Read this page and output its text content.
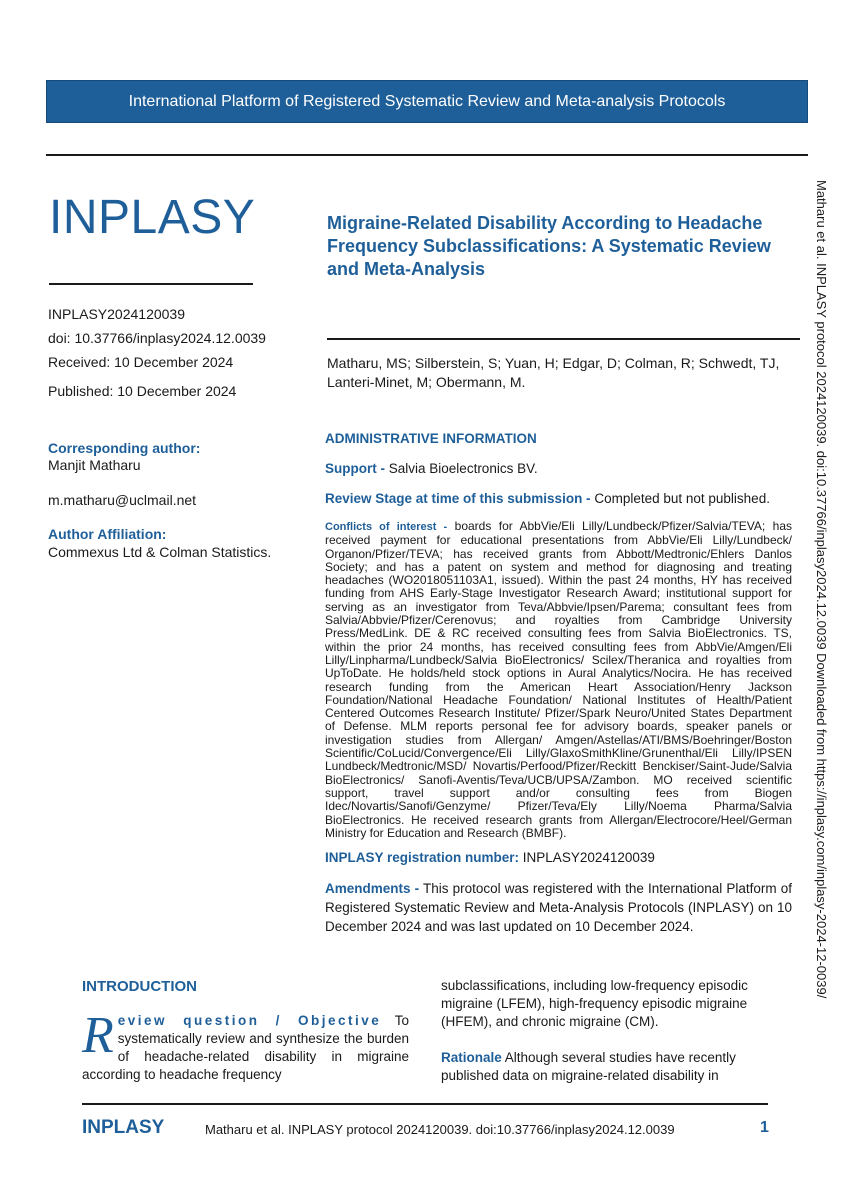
International Platform of Registered Systematic Review and Meta-analysis Protocols
INPLASY
INPLASY2024120039
doi: 10.37766/inplasy2024.12.0039
Received: 10 December 2024
Published: 10 December 2024
Corresponding author:
Manjit Matharu
m.matharu@uclmail.net
Author Affiliation:
Commexus Ltd & Colman Statistics.
Migraine-Related Disability According to Headache Frequency Subclassifications: A Systematic Review and Meta-Analysis
Matharu, MS; Silberstein, S; Yuan, H; Edgar, D; Colman, R; Schwedt, TJ, Lanteri-Minet, M; Obermann, M.

ADMINISTRATIVE INFORMATION

Support - Salvia Bioelectronics BV.

Review Stage at time of this submission - Completed but not published.

Conflicts of interest - boards for AbbVie/Eli Lilly/Lundbeck/Pfizer/Salvia/TEVA; has received payment for educational presentations from AbbVie/Eli Lilly/Lundbeck/ Organon/Pfizer/TEVA; has received grants from Abbott/Medtronic/Ehlers Danlos Society; and has a patent on system and method for diagnosing and treating headaches (WO2018051103A1, issued). Within the past 24 months, HY has received funding from AHS Early-Stage Investigator Research Award; institutional support for serving as an investigator from Teva/Abbvie/Ipsen/Parema; consultant fees from Salvia/Abbvie/Pfizer/Cerenovus; and royalties from Cambridge University Press/MedLink. DE & RC received consulting fees from Salvia BioElectronics. TS, within the prior 24 months, has received consulting fees from AbbVie/Amgen/Eli Lilly/Linpharma/Lundbeck/Salvia BioElectronics/ Scilex/Theranica and royalties from UpToDate. He holds/held stock options in Aural Analytics/Nocira. He has received research funding from the American Heart Association/Henry Jackson Foundation/National Headache Foundation/ National Institutes of Health/Patient Centered Outcomes Research Institute/ Pfizer/Spark Neuro/United States Department of Defense. MLM reports personal fee for advisory boards, speaker panels or investigation studies from Allergan/ Amgen/Astellas/ATI/BMS/Boehringer/Boston Scientific/CoLucid/Convergence/Eli Lilly/GlaxoSmithKline/Grunenthal/Eli Lilly/IPSEN Lundbeck/Medtronic/MSD/ Novartis/Perfood/Pfizer/Reckitt Benckiser/Saint-Jude/Salvia BioElectronics/ Sanofi-Aventis/Teva/UCB/UPSA/Zambon. MO received scientific support, travel support and/or consulting fees from Biogen Idec/Novartis/Sanofi/Genzyme/ Pfizer/Teva/Ely Lilly/Noema Pharma/Salvia BioElectronics. He received research grants from Allergan/Electrocore/Heel/German Ministry for Education and Research (BMBF).

INPLASY registration number: INPLASY2024120039

Amendments - This protocol was registered with the International Platform of Registered Systematic Review and Meta-Analysis Protocols (INPLASY) on 10 December 2024 and was last updated on 10 December 2024.

INTRODUCTION
R eview question / Objective To systematically review and synthesize the burden of headache-related disability in migraine according to headache frequency

subclassifications, including low-frequency episodic migraine (LFEM), high-frequency episodic migraine (HFEM), and chronic migraine (CM).

Rationale Although several studies have recently published data on migraine-related disability in

INPLASY	Matharu et al. INPLASY protocol 2024120039. doi:10.37766/inplasy2024.12.0039	1
Matharu et al. INPLASY protocol 2024120039. doi:10.37766/inplasy2024.12.0039 Downloaded from https://inplasy.com/inplasy-2024-12-0039/
